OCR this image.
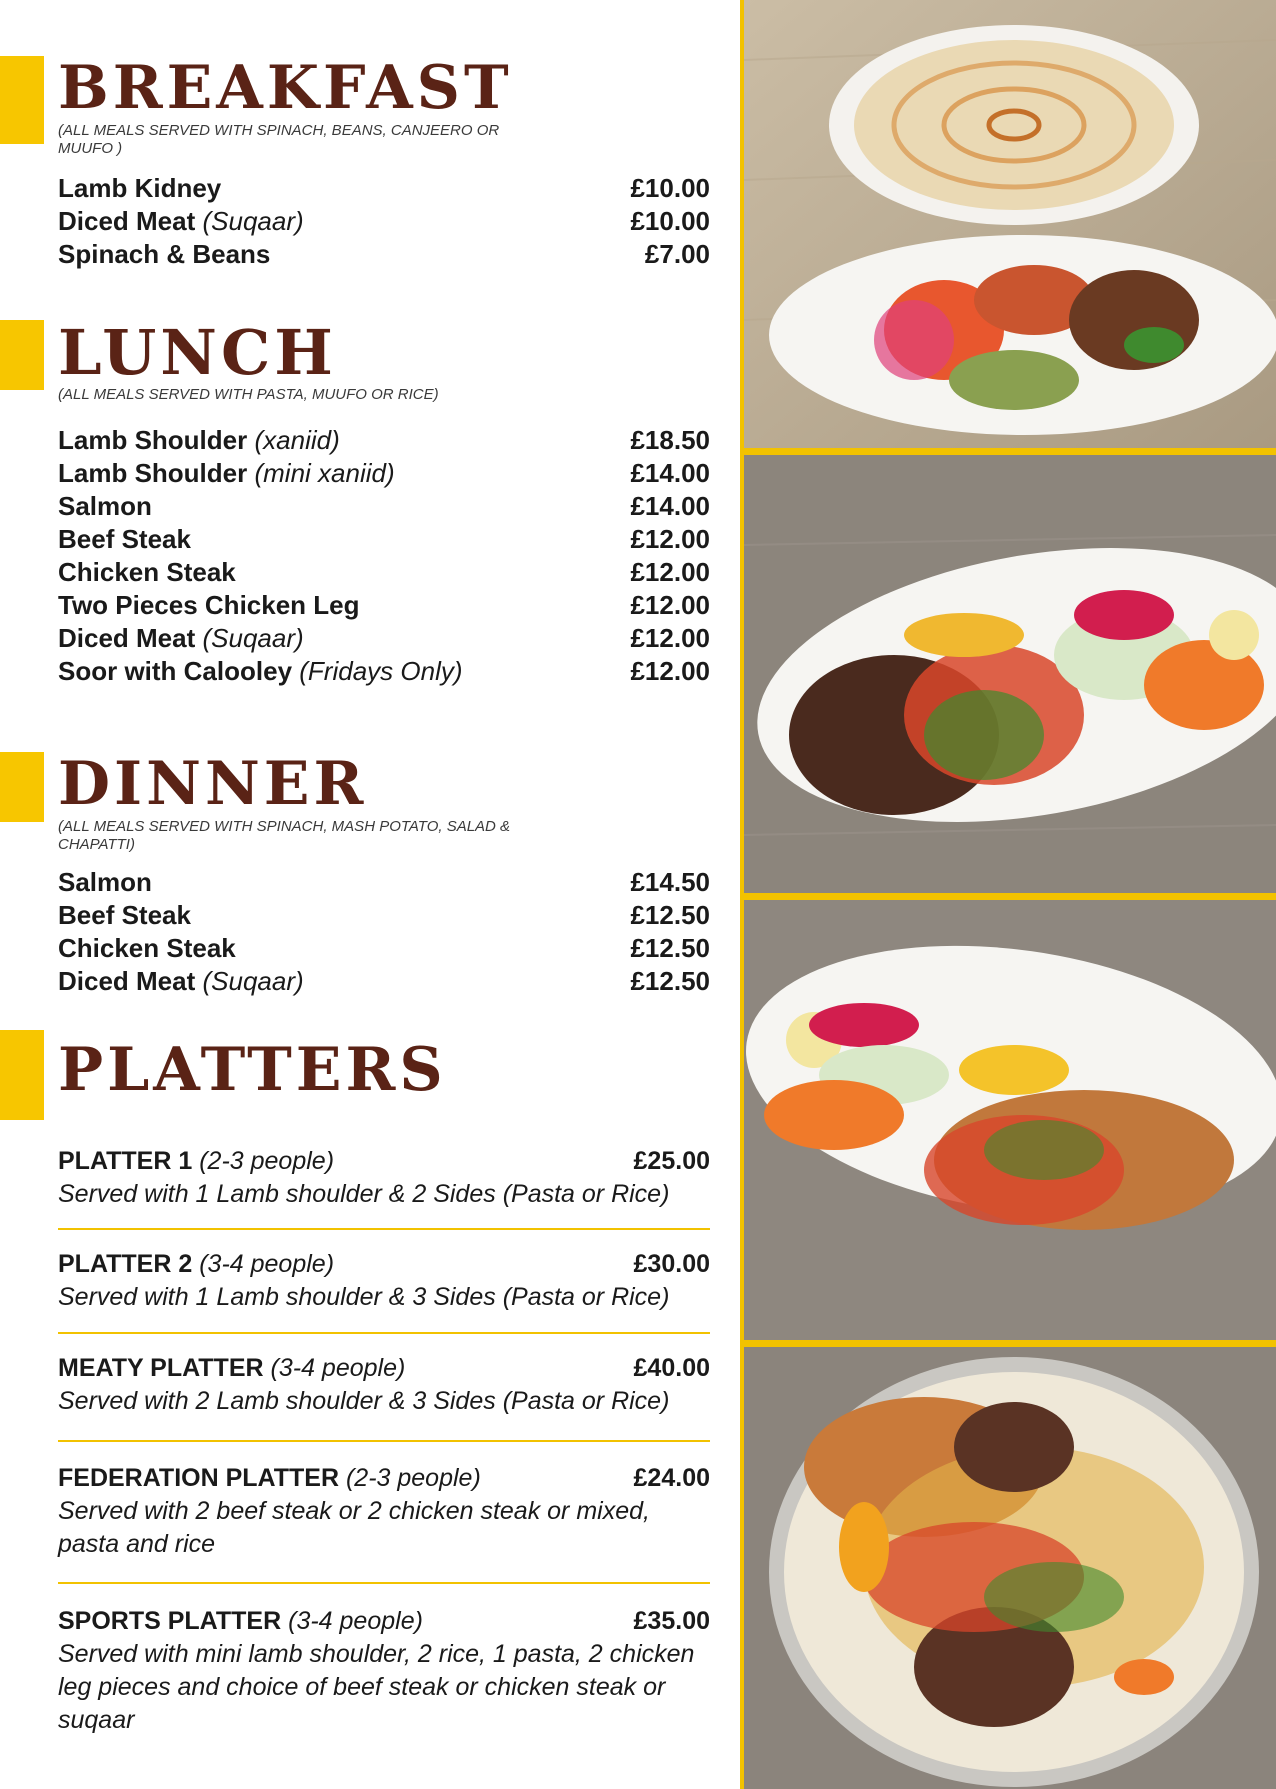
BREAKFAST
(ALL MEALS SERVED WITH SPINACH, BEANS, CANJEERO OR MUUFO )
Lamb Kidney	£10.00
Diced Meat (Suqaar)	£10.00
Spinach & Beans	£7.00
LUNCH
(ALL MEALS SERVED WITH PASTA, MUUFO OR RICE)
Lamb Shoulder (xaniid)	£18.50
Lamb Shoulder (mini xaniid)	£14.00
Salmon	£14.00
Beef Steak	£12.00
Chicken Steak	£12.00
Two Pieces Chicken Leg	£12.00
Diced Meat (Suqaar)	£12.00
Soor with Calooley (Fridays Only)	£12.00
DINNER
(ALL MEALS SERVED WITH SPINACH, MASH POTATO, SALAD & CHAPATTI)
Salmon	£14.50
Beef Steak	£12.50
Chicken Steak	£12.50
Diced Meat (Suqaar)	£12.50
PLATTERS
PLATTER 1 (2-3 people)	£25.00
Served with 1 Lamb shoulder & 2 Sides (Pasta or Rice)
PLATTER 2 (3-4 people)	£30.00
Served with 1 Lamb shoulder & 3 Sides (Pasta or Rice)
MEATY PLATTER (3-4 people)	£40.00
Served with 2 Lamb shoulder & 3 Sides (Pasta or Rice)
FEDERATION PLATTER (2-3 people)	£24.00
Served with 2 beef steak or 2 chicken steak or mixed, pasta and rice
SPORTS PLATTER (3-4 people)	£35.00
Served with mini lamb shoulder, 2 rice, 1 pasta, 2 chicken leg pieces and choice of beef steak or chicken steak or suqaar
